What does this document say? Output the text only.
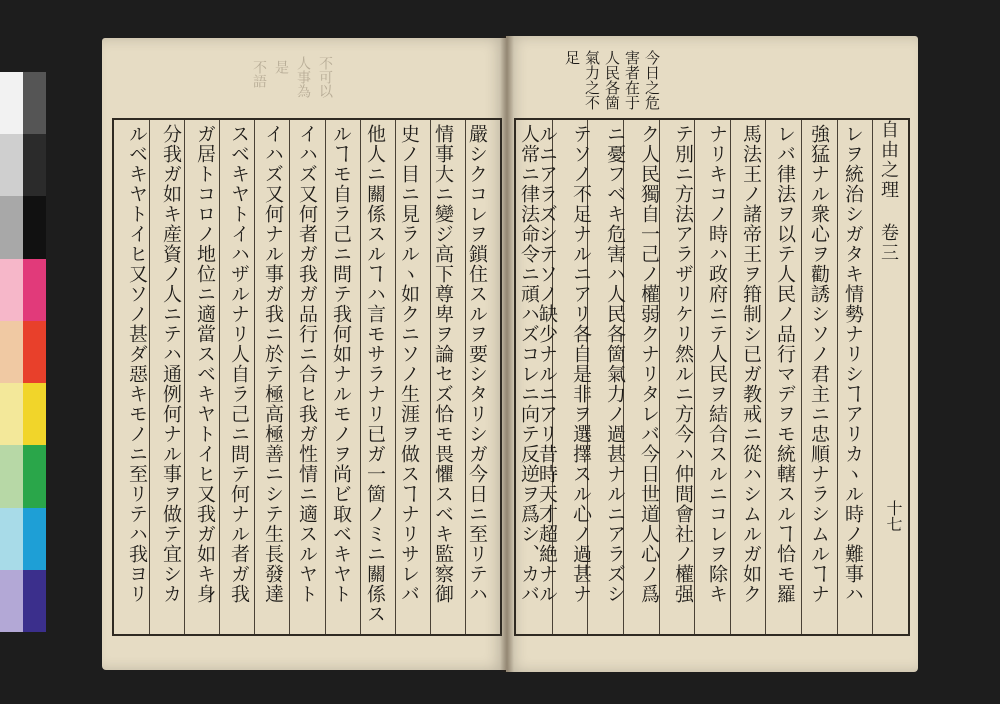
不可以
人事為
是
不語	今日之危
害者在于
人民各箇
氣力之不
足
自由之理 卷三
十七
レヲ統治シガタキ情勢ナリシヿアリカヽル時ノ難事ハ
強猛ナル衆心ヲ勸誘シソノ君主ニ忠順ナラシムルヿナ
レバ律法ヲ以テ人民ノ品行マデヲモ統轄スルヿ恰モ羅
馬法王ノ諸帝王ヲ箝制シ已ガ教戒ニ從ハシムルガ如ク
ナリキコノ時ハ政府ニテ人民ヲ結合スルニコレヲ除キ
テ別ニ方法アラザリケリ然ルニ方今ハ仲間會社ノ權强
ク人民獨自一己ノ權弱クナリタレバ今日世道人心ノ爲
ニ憂フベキ危害ハ人民各箇氣力ノ過甚ナルニアラズシ
テソノ不足ナルニアリ各自是非ヲ選擇スル心ノ過甚ナ
ルニアラズシテソノ缺少ナルニアリ昔時天才超絶ナル
人常ニ律法命令ニ頑ハズコレニ向テ反逆ヲ爲シ、カバ
嚴シクコレヲ鎖住スルヲ要シタリシガ今日ニ至リテハ
情事大ニ變ジ高下尊卑ヲ論セズ恰モ畏懼スベキ監察御
史ノ目ニ見ラルヽ如クニソノ生涯ヲ做スヿナリサレバ
他人ニ關係スルヿハ言モサラナリ已ガ一箇ノミニ關係ス
ルヿモ自ラ己ニ問テ我何如ナルモノヲ尚ビ取ベキヤト
イハズ又何者ガ我ガ品行ニ合ヒ我ガ性情ニ適スルヤト
イハズ又何ナル事ガ我ニ於テ極高極善ニシテ生長發達
スベキヤトイハザルナリ人自ラ己ニ問テ何ナル者ガ我
ガ居トコロノ地位ニ適當スベキヤトイヒ又我ガ如キ身
分我ガ如キ産資ノ人ニテハ通例何ナル事ヲ做テ宜シカ
ルベキヤトイヒ又ソノ甚ダ惡キモノニ至リテハ我ヨリ
